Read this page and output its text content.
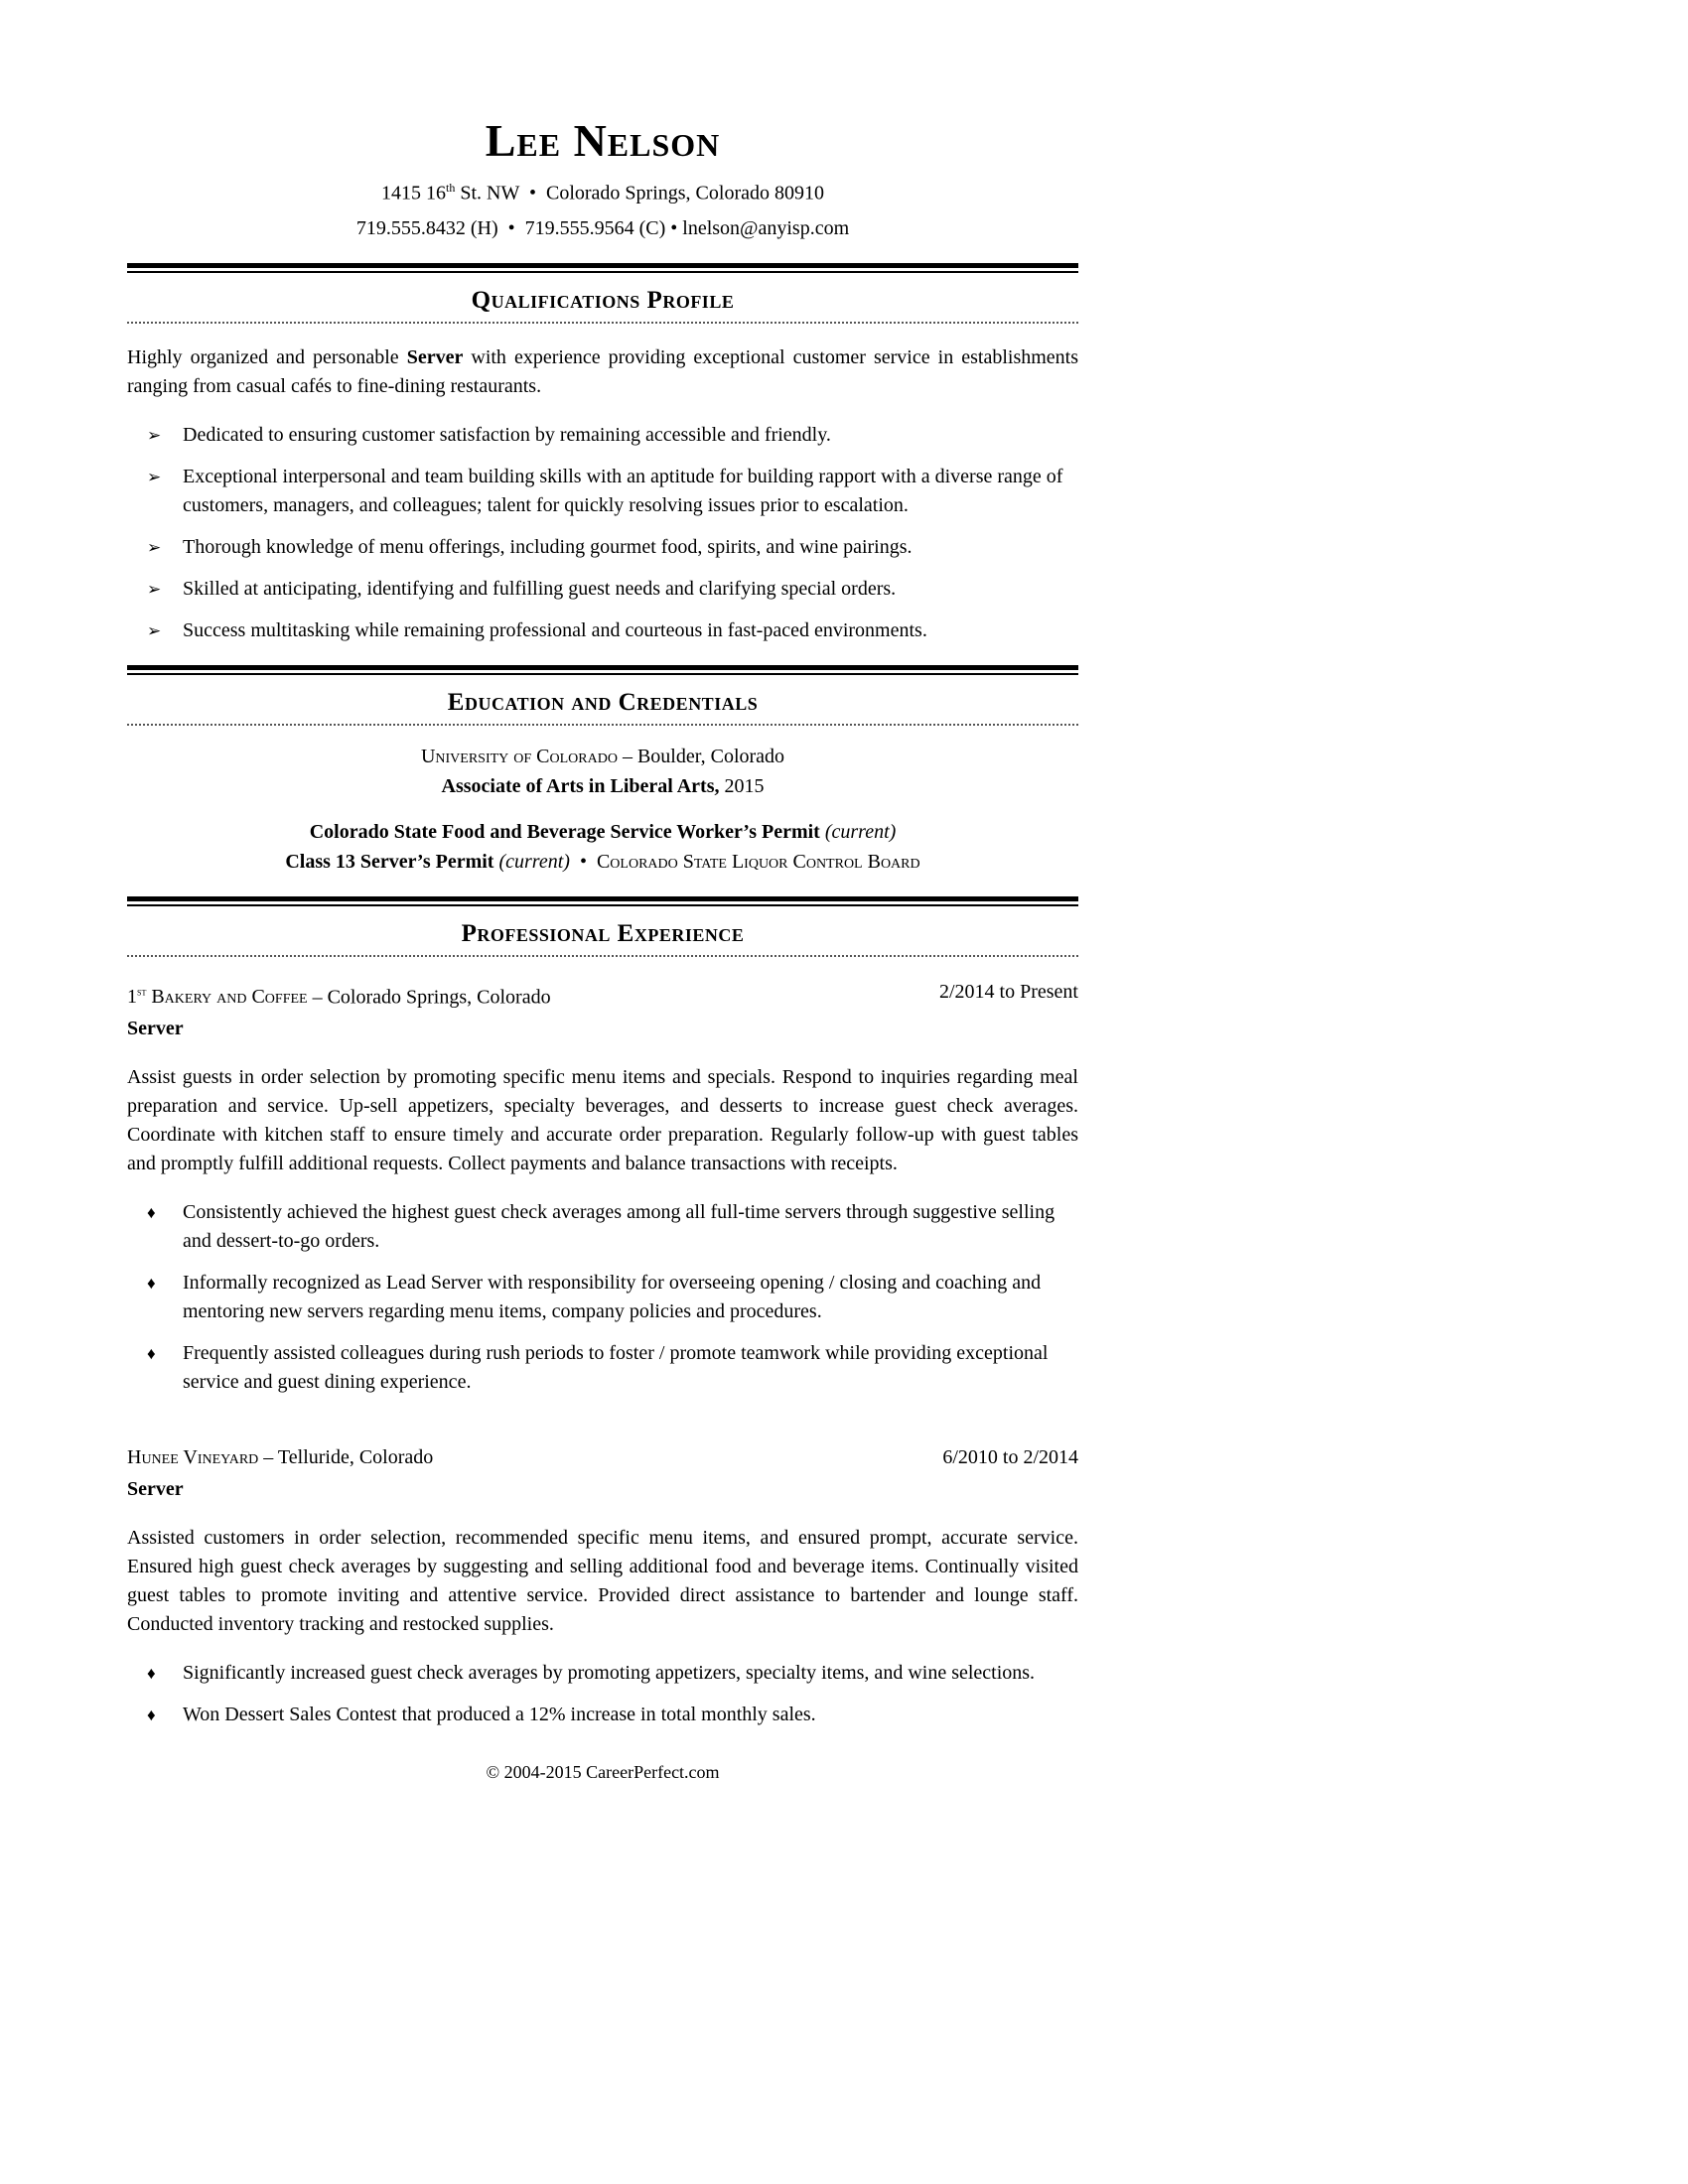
Lee Nelson
1415 16th St. NW  •  Colorado Springs, Colorado 80910
719.555.8432 (H)  •  719.555.9564 (C) • lnelson@anyisp.com
Qualifications Profile

Highly organized and personable Server with experience providing exceptional customer service in establishments ranging from casual cafés to fine-dining restaurants.

➢	Dedicated to ensuring customer satisfaction by remaining accessible and friendly.
➢	Exceptional interpersonal and team building skills with an aptitude for building rapport with a diverse range of customers, managers, and colleagues; talent for quickly resolving issues prior to escalation.
➢	Thorough knowledge of menu offerings, including gourmet food, spirits, and wine pairings.
➢	Skilled at anticipating, identifying and fulfilling guest needs and clarifying special orders.
➢	Success multitasking while remaining professional and courteous in fast-paced environments.
Education and Credentials
University of Colorado – Boulder, Colorado
Associate of Arts in Liberal Arts, 2015
Colorado State Food and Beverage Service Worker’s Permit (current)
Class 13 Server’s Permit (current)  •  Colorado State Liquor Control Board
Professional Experience
1st Bakery and Coffee – Colorado Springs, Colorado	2/2014 to Present
Server

Assist guests in order selection by promoting specific menu items and specials. Respond to inquiries regarding meal preparation and service. Up-sell appetizers, specialty beverages, and desserts to increase guest check averages. Coordinate with kitchen staff to ensure timely and accurate order preparation. Regularly follow-up with guest tables and promptly fulfill additional requests. Collect payments and balance transactions with receipts.

♦	Consistently achieved the highest guest check averages among all full-time servers through suggestive selling and dessert-to-go orders.
♦	Informally recognized as Lead Server with responsibility for overseeing opening / closing and coaching and mentoring new servers regarding menu items, company policies and procedures.
♦	Frequently assisted colleagues during rush periods to foster / promote teamwork while providing exceptional service and guest dining experience.
Hunee Vineyard – Telluride, Colorado	6/2010 to 2/2014
Server

Assisted customers in order selection, recommended specific menu items, and ensured prompt, accurate service. Ensured high guest check averages by suggesting and selling additional food and beverage items. Continually visited guest tables to promote inviting and attentive service. Provided direct assistance to bartender and lounge staff. Conducted inventory tracking and restocked supplies.

♦	Significantly increased guest check averages by promoting appetizers, specialty items, and wine selections.
♦	Won Dessert Sales Contest that produced a 12% increase in total monthly sales.
© 2004-2015 CareerPerfect.com
